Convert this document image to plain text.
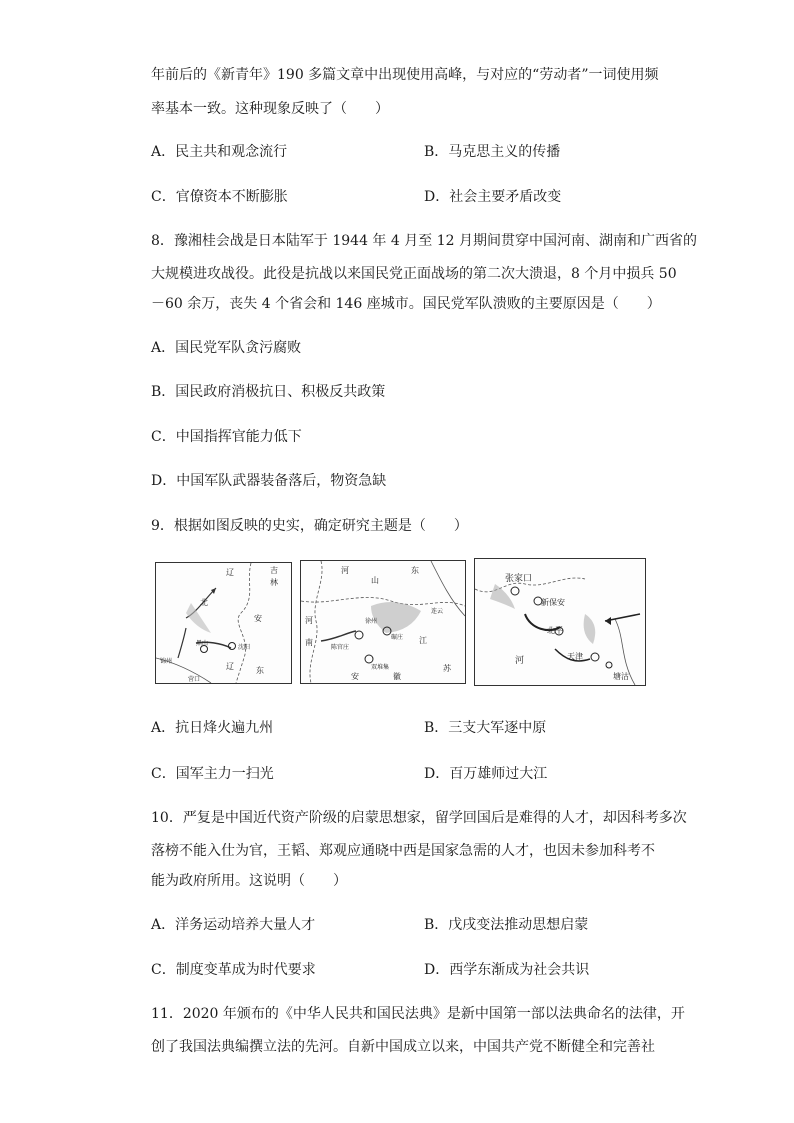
年前后的《新青年》190 多篇文章中出现使用高峰，与对应的“劳动者”一词使用频
率基本一致。这种现象反映了（　　）
A．民主共和观念流行	B．马克思主义的传播
C．官僚资本不断膨胀	D．社会主要矛盾改变
8．豫湘桂会战是日本陆军于 1944 年 4 月至 12 月期间贯穿中国河南、湖南和广西省的
大规模进攻战役。此役是抗战以来国民党正面战场的第二次大溃退，8 个月中损兵 50
－60 余万，丧失 4 个省会和 146 座城市。国民党军队溃败的主要原因是（　　）
A．国民党军队贪污腐败
B．国民政府消极抗日、积极反共政策
C．中国指挥官能力低下
D．中国军队武器装备落后，物资急缺
9．根据如图反映的史实，确定研究主题是（　　）
辽	吉
林
北
安
黑山
沈阳
锦州
辽	东
营口
河
山
东
河
南
徐州
碾庄
陈官庄
双堆集
连云
江
安	徽
苏
张家口
新保安
北平
河	天津
塘沽
A．抗日烽火遍九州	B．三支大军逐中原
C．国军主力一扫光	D．百万雄师过大江
10．严复是中国近代资产阶级的启蒙思想家，留学回国后是难得的人才，却因科考多次
落榜不能入仕为官，王韬、郑观应通晓中西是国家急需的人才，也因未参加科考不
能为政府所用。这说明（　　）
A．洋务运动培养大量人才	B．戊戌变法推动思想启蒙
C．制度变革成为时代要求	D．西学东渐成为社会共识
11．2020 年颁布的《中华人民共和国民法典》是新中国第一部以法典命名的法律，开
创了我国法典编撰立法的先河。自新中国成立以来，中国共产党不断健全和完善社
